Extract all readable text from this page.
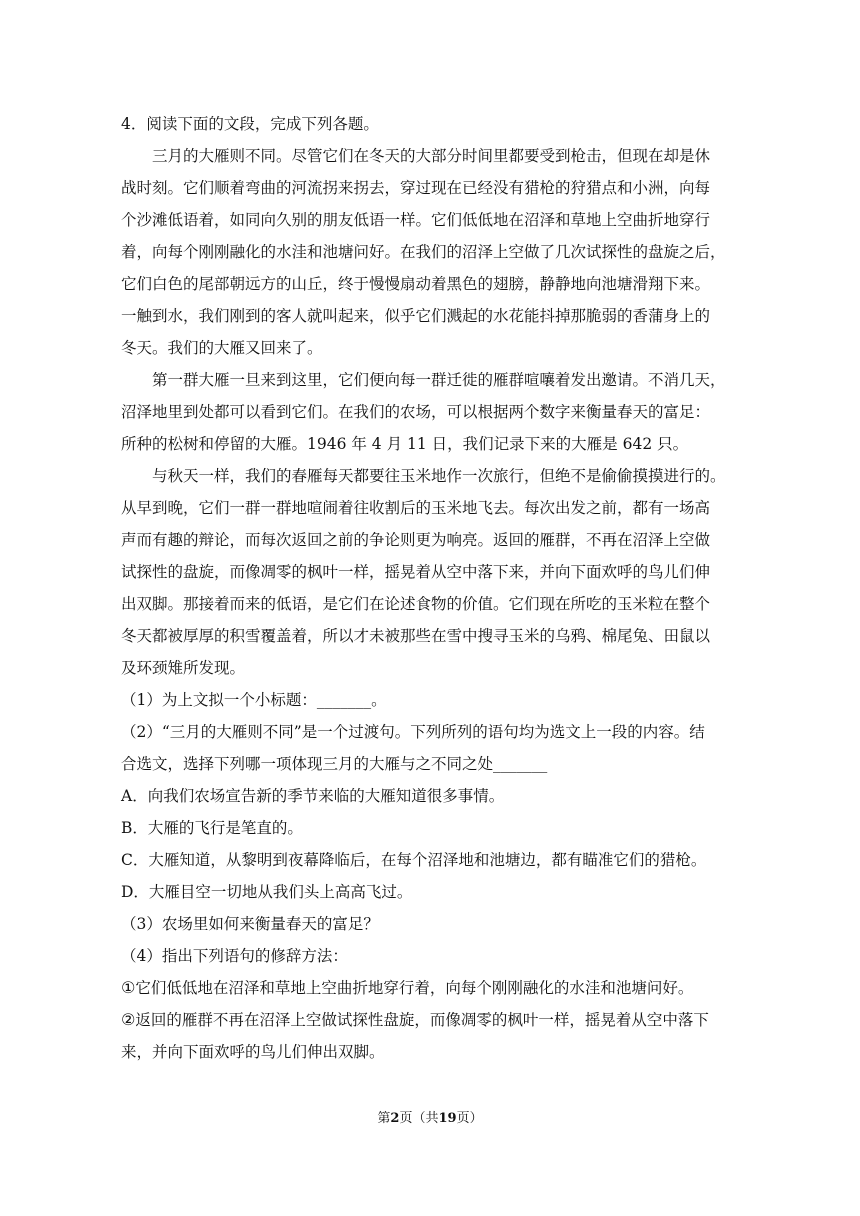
4．阅读下面的文段，完成下列各题。
三月的大雁则不同。尽管它们在冬天的大部分时间里都要受到枪击，但现在却是休
战时刻。它们顺着弯曲的河流拐来拐去，穿过现在已经没有猎枪的狩猎点和小洲，向每
个沙滩低语着，如同向久别的朋友低语一样。它们低低地在沼泽和草地上空曲折地穿行
着，向每个刚刚融化的水洼和池塘问好。在我们的沼泽上空做了几次试探性的盘旋之后，
它们白色的尾部朝远方的山丘，终于慢慢扇动着黑色的翅膀，静静地向池塘滑翔下来。
一触到水，我们刚到的客人就叫起来，似乎它们溅起的水花能抖掉那脆弱的香蒲身上的
冬天。我们的大雁又回来了。
第一群大雁一旦来到这里，它们便向每一群迁徙的雁群喧嚷着发出邀请。不消几天，
沼泽地里到处都可以看到它们。在我们的农场，可以根据两个数字来衡量春天的富足：
所种的松树和停留的大雁。1946 年 4 月 11 日，我们记录下来的大雁是 642 只。
与秋天一样，我们的春雁每天都要往玉米地作一次旅行，但绝不是偷偷摸摸进行的。
从早到晚，它们一群一群地喧闹着往收割后的玉米地飞去。每次出发之前，都有一场高
声而有趣的辩论，而每次返回之前的争论则更为响亮。返回的雁群，不再在沼泽上空做
试探性的盘旋，而像凋零的枫叶一样，摇晃着从空中落下来，并向下面欢呼的鸟儿们伸
出双脚。那接着而来的低语，是它们在论述食物的价值。它们现在所吃的玉米粒在整个
冬天都被厚厚的积雪覆盖着，所以才未被那些在雪中搜寻玉米的乌鸦、棉尾兔、田鼠以
及环颈雉所发现。
（1）为上文拟一个小标题：_______。
（2）“三月的大雁则不同”是一个过渡句。下列所列的语句均为选文上一段的内容。结
合选文，选择下列哪一项体现三月的大雁与之不同之处_______
A．向我们农场宣告新的季节来临的大雁知道很多事情。
B．大雁的飞行是笔直的。
C．大雁知道，从黎明到夜幕降临后，在每个沼泽地和池塘边，都有瞄准它们的猎枪。
D．大雁目空一切地从我们头上高高飞过。
（3）农场里如何来衡量春天的富足？
（4）指出下列语句的修辞方法：
①它们低低地在沼泽和草地上空曲折地穿行着，向每个刚刚融化的水洼和池塘问好。
②返回的雁群不再在沼泽上空做试探性盘旋，而像凋零的枫叶一样，摇晃着从空中落下
来，并向下面欢呼的鸟儿们伸出双脚。
第2页（共19页）
